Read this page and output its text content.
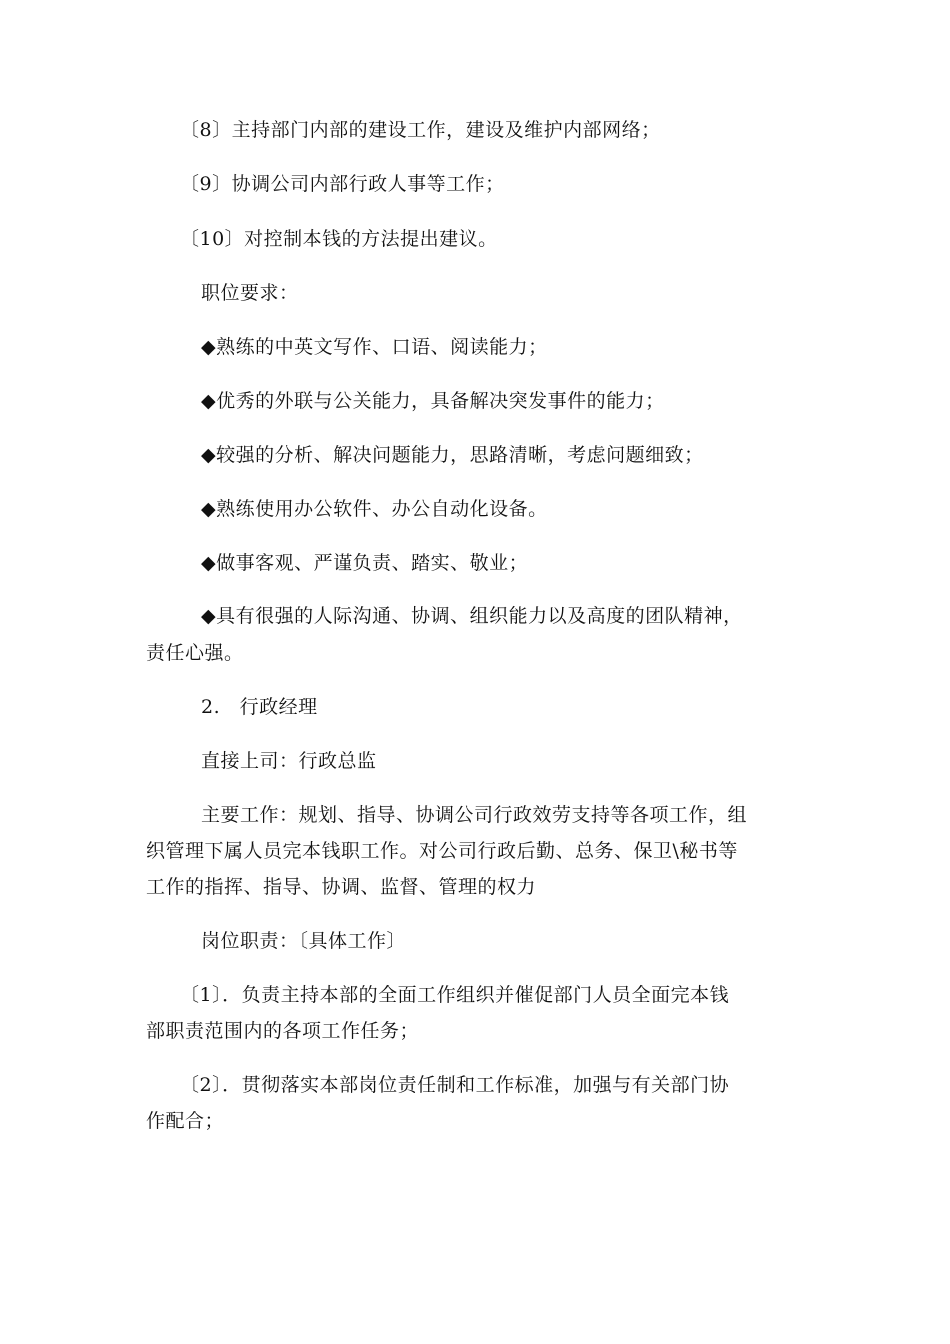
〔8〕主持部门内部的建设工作，建设及维护内部网络；
〔9〕协调公司内部行政人事等工作；
〔10〕对控制本钱的方法提出建议。
职位要求：
◆熟练的中英文写作、口语、阅读能力；
◆优秀的外联与公关能力，具备解决突发事件的能力；
◆较强的分析、解决问题能力，思路清晰，考虑问题细致；
◆熟练使用办公软件、办公自动化设备。
◆做事客观、严谨负责、踏实、敬业；
◆具有很强的人际沟通、协调、组织能力以及高度的团队精神，
责任心强。
2.　行政经理
直接上司：行政总监
主要工作：规划、指导、协调公司行政效劳支持等各项工作，组
织管理下属人员完本钱职工作。对公司行政后勤、总务、保卫\秘书等
工作的指挥、指导、协调、监督、管理的权力
岗位职责：〔具体工作〕
〔1〕．负责主持本部的全面工作组织并催促部门人员全面完本钱
部职责范围内的各项工作任务；
〔2〕．贯彻落实本部岗位责任制和工作标准，加强与有关部门协
作配合；
